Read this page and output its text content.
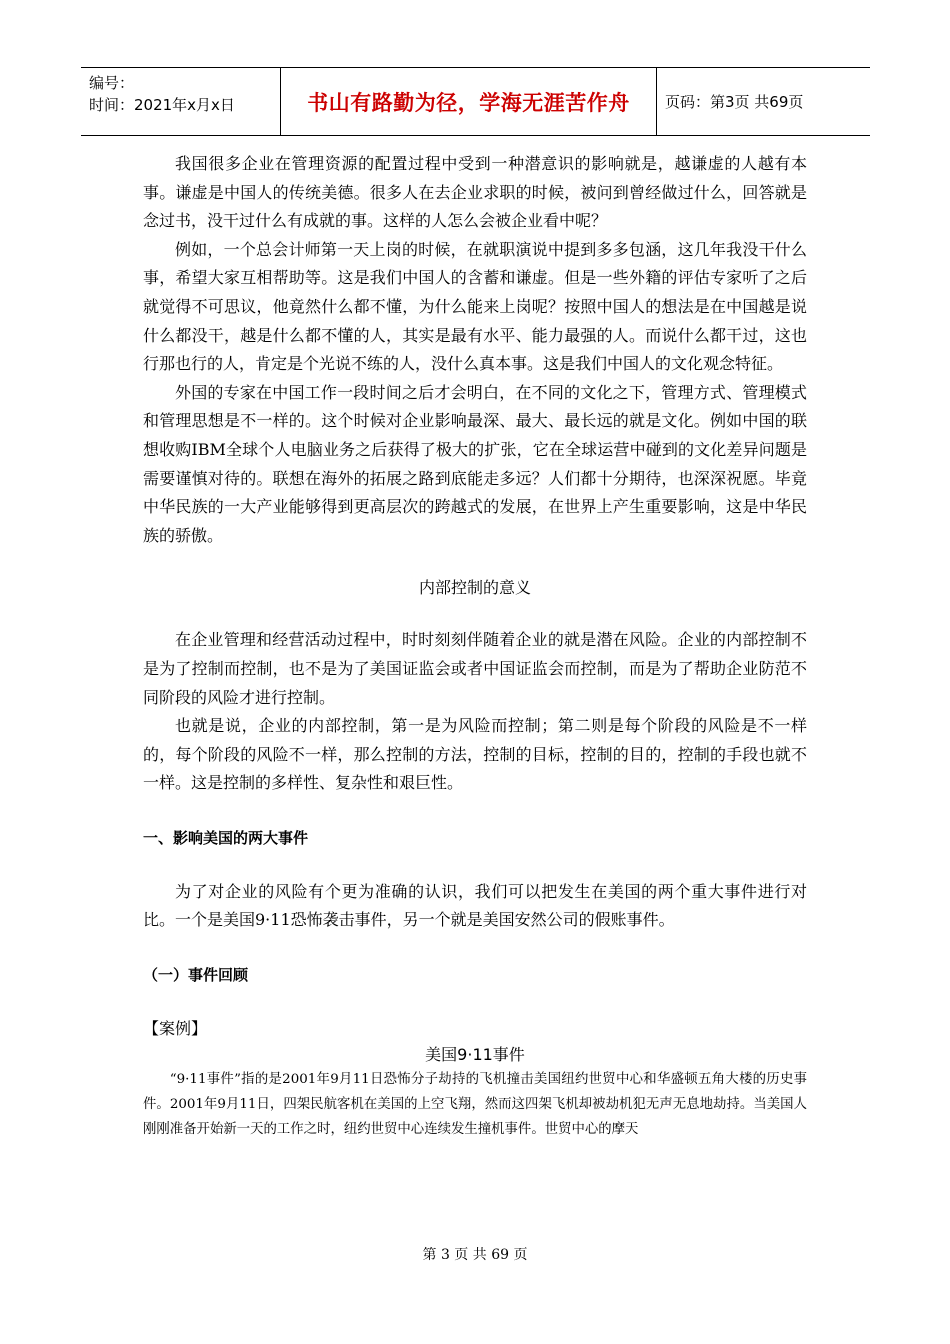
编号：
时间：2021年x月x日	书山有路勤为径，学海无涯苦作舟	页码：第3页 共69页

我国很多企业在管理资源的配置过程中受到一种潜意识的影响就是，越谦虚的人越有本事。谦虚是中国人的传统美德。很多人在去企业求职的时候，被问到曾经做过什么，回答就是念过书，没干过什么有成就的事。这样的人怎么会被企业看中呢？

例如，一个总会计师第一天上岗的时候，在就职演说中提到多多包涵，这几年我没干什么事，希望大家互相帮助等。这是我们中国人的含蓄和谦虚。但是一些外籍的评估专家听了之后就觉得不可思议，他竟然什么都不懂，为什么能来上岗呢？按照中国人的想法是在中国越是说什么都没干，越是什么都不懂的人，其实是最有水平、能力最强的人。而说什么都干过，这也行那也行的人，肯定是个光说不练的人，没什么真本事。这是我们中国人的文化观念特征。

外国的专家在中国工作一段时间之后才会明白，在不同的文化之下，管理方式、管理模式和管理思想是不一样的。这个时候对企业影响最深、最大、最长远的就是文化。例如中国的联想收购IBM全球个人电脑业务之后获得了极大的扩张，它在全球运营中碰到的文化差异问题是需要谨慎对待的。联想在海外的拓展之路到底能走多远？人们都十分期待，也深深祝愿。毕竟中华民族的一大产业能够得到更高层次的跨越式的发展，在世界上产生重要影响，这是中华民族的骄傲。

内部控制的意义

在企业管理和经营活动过程中，时时刻刻伴随着企业的就是潜在风险。企业的内部控制不是为了控制而控制，也不是为了美国证监会或者中国证监会而控制，而是为了帮助企业防范不同阶段的风险才进行控制。

也就是说，企业的内部控制，第一是为风险而控制；第二则是每个阶段的风险是不一样的，每个阶段的风险不一样，那么控制的方法，控制的目标，控制的目的，控制的手段也就不一样。这是控制的多样性、复杂性和艰巨性。

一、影响美国的两大事件

为了对企业的风险有个更为准确的认识，我们可以把发生在美国的两个重大事件进行对比。一个是美国9·11恐怖袭击事件，另一个就是美国安然公司的假账事件。

（一）事件回顾

【案例】

美国9·11事件

“9·11事件”指的是2001年9月11日恐怖分子劫持的飞机撞击美国纽约世贸中心和华盛顿五角大楼的历史事件。2001年9月11日，四架民航客机在美国的上空飞翔，然而这四架飞机却被劫机犯无声无息地劫持。当美国人刚刚准备开始新一天的工作之时，纽约世贸中心连续发生撞机事件。世贸中心的摩天

第 3 页 共 69 页
